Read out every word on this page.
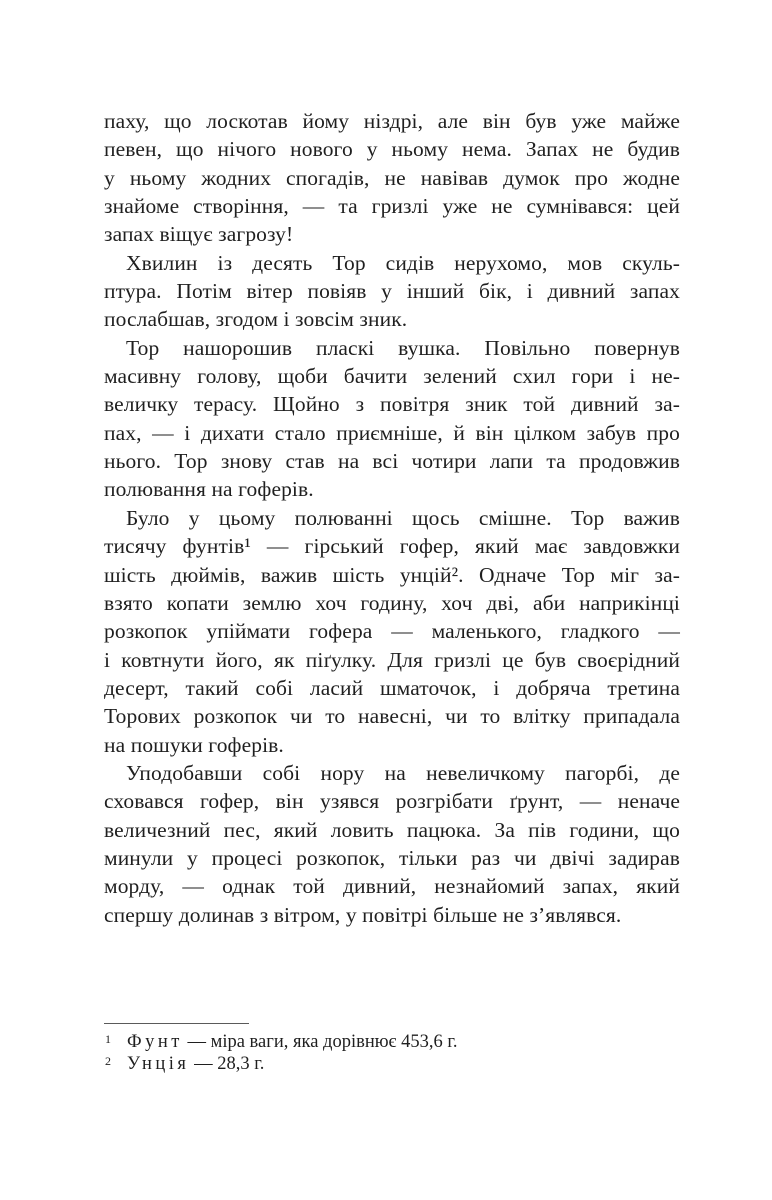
паху, що лоскотав йому ніздрі, але він був уже майже
певен, що нічого нового у ньому нема. Запах не будив
у ньому жодних спогадів, не навівав думок про жодне
знайоме створіння, — та гризлі уже не сумнівався: цей
запах віщує загрозу!
Хвилин із десять Тор сидів нерухомо, мов скуль-
птура. Потім вітер повіяв у інший бік, і дивний запах
послабшав, згодом і зовсім зник.
Тор нашорошив пласкі вушка. Повільно повернув
масивну голову, щоби бачити зелений схил гори і не-
величку терасу. Щойно з повітря зник той дивний за-
пах, — і дихати стало приємніше, й він цілком забув про
нього. Тор знову став на всі чотири лапи та продовжив
полювання на гоферів.
Було у цьому полюванні щось смішне. Тор важив
тисячу фунтів¹ — гірський гофер, який має завдовжки
шість дюймів, важив шість унцій². Одначе Тор міг за-
взято копати землю хоч годину, хоч дві, аби наприкінці
розкопок упіймати гофера — маленького, гладкого —
і ковтнути його, як піґулку. Для гризлі це був своєрідний
десерт, такий собі ласий шматочок, і добряча третина
Торових розкопок чи то навесні, чи то влітку припадала
на пошуки гоферів.
Уподобавши собі нору на невеличкому пагорбі, де
сховався гофер, він узявся розгрібати ґрунт, — неначе
величезний пес, який ловить пацюка. За пів години, що
минули у процесі розкопок, тільки раз чи двічі задирав
морду, — однак той дивний, незнайомий запах, який
спершу долинав з вітром, у повітрі більше не з’являвся.
1 Фунт — міра ваги, яка дорівнює 453,6 г.
2 Унція — 28,3 г.
